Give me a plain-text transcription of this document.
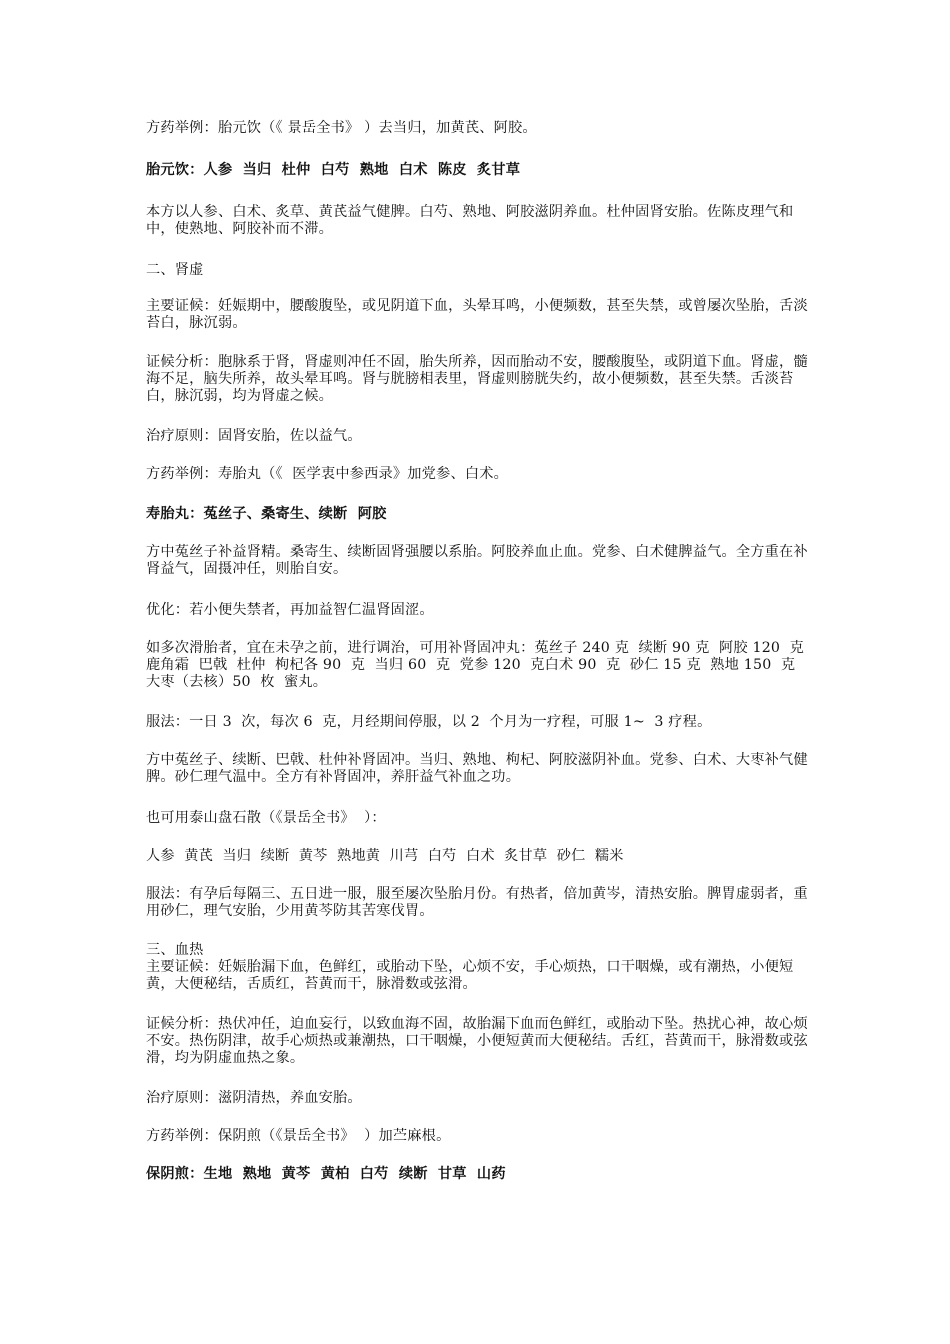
方药举例：胎元饮（《 景岳全书》 ）去当归，加黄芪、阿胶。

胎元饮：人参  当归  杜仲  白芍  熟地  白术  陈皮  炙甘草

本方以人参、白术、炙草、黄芪益气健脾。白芍、熟地、阿胶滋阴养血。杜仲固肾安胎。佐陈皮理气和中，使熟地、阿胶补而不滞。

二、肾虚

主要证候：妊娠期中，腰酸腹坠，或见阴道下血，头晕耳鸣，小便频数，甚至失禁，或曾屡次坠胎，舌淡苔白，脉沉弱。

证候分析：胞脉系于肾，肾虚则冲任不固，胎失所养，因而胎动不安，腰酸腹坠，或阴道下血。肾虚，髓海不足，脑失所养，故头晕耳鸣。肾与胱膀相表里，肾虚则膀胱失约，故小便频数，甚至失禁。舌淡苔白，脉沉弱，均为肾虚之候。

治疗原则：固肾安胎，佐以益气。

方药举例：寿胎丸（《  医学衷中参西录》加党参、白术。

寿胎丸：菟丝子、桑寄生、续断  阿胶

方中菟丝子补益肾精。桑寄生、续断固肾强腰以系胎。阿胶养血止血。党参、白术健脾益气。全方重在补肾益气，固摄冲任，则胎自安。

优化：若小便失禁者，再加益智仁温肾固涩。

如多次滑胎者，宜在未孕之前，进行调治，可用补肾固冲丸：菟丝子 240 克  续断 90 克  阿胶 120  克  鹿角霜  巴戟  杜仲  枸杞各 90  克  当归 60  克  党参 120  克白术 90  克  砂仁 15 克  熟地 150  克  大枣（去核）50  枚  蜜丸。

服法：一日 3  次，每次 6  克，月经期间停服，以 2  个月为一疗程，可服 1~  3 疗程。

方中菟丝子、续断、巴戟、杜仲补肾固冲。当归、熟地、枸杞、阿胶滋阴补血。党参、白术、大枣补气健脾。砂仁理气温中。全方有补肾固冲，养肝益气补血之功。

也可用泰山盘石散（《景岳全书》  ）：

人参  黄芪  当归  续断  黄芩  熟地黄  川芎  白芍  白术  炙甘草  砂仁  糯米

服法：有孕后每隔三、五日进一服，服至屡次坠胎月份。有热者，倍加黄岑，清热安胎。脾胃虚弱者，重用砂仁，理气安胎，少用黄芩防其苦寒伐胃。

三、血热
主要证候：妊娠胎漏下血，色鲜红，或胎动下坠，心烦不安，手心烦热，口干咽燥，或有潮热，小便短黄，大便秘结，舌质红，苔黄而干，脉滑数或弦滑。

证候分析：热伏冲任，迫血妄行，以致血海不固，故胎漏下血而色鲜红，或胎动下坠。热扰心神，故心烦不安。热伤阴津，故手心烦热或兼潮热，口干咽燥，小便短黄而大便秘结。舌红，苔黄而干，脉滑数或弦滑，均为阴虚血热之象。

治疗原则：滋阴清热，养血安胎。

方药举例：保阴煎（《景岳全书》  ）加苎麻根。

保阴煎：生地  熟地  黄芩  黄柏  白芍  续断  甘草  山药
